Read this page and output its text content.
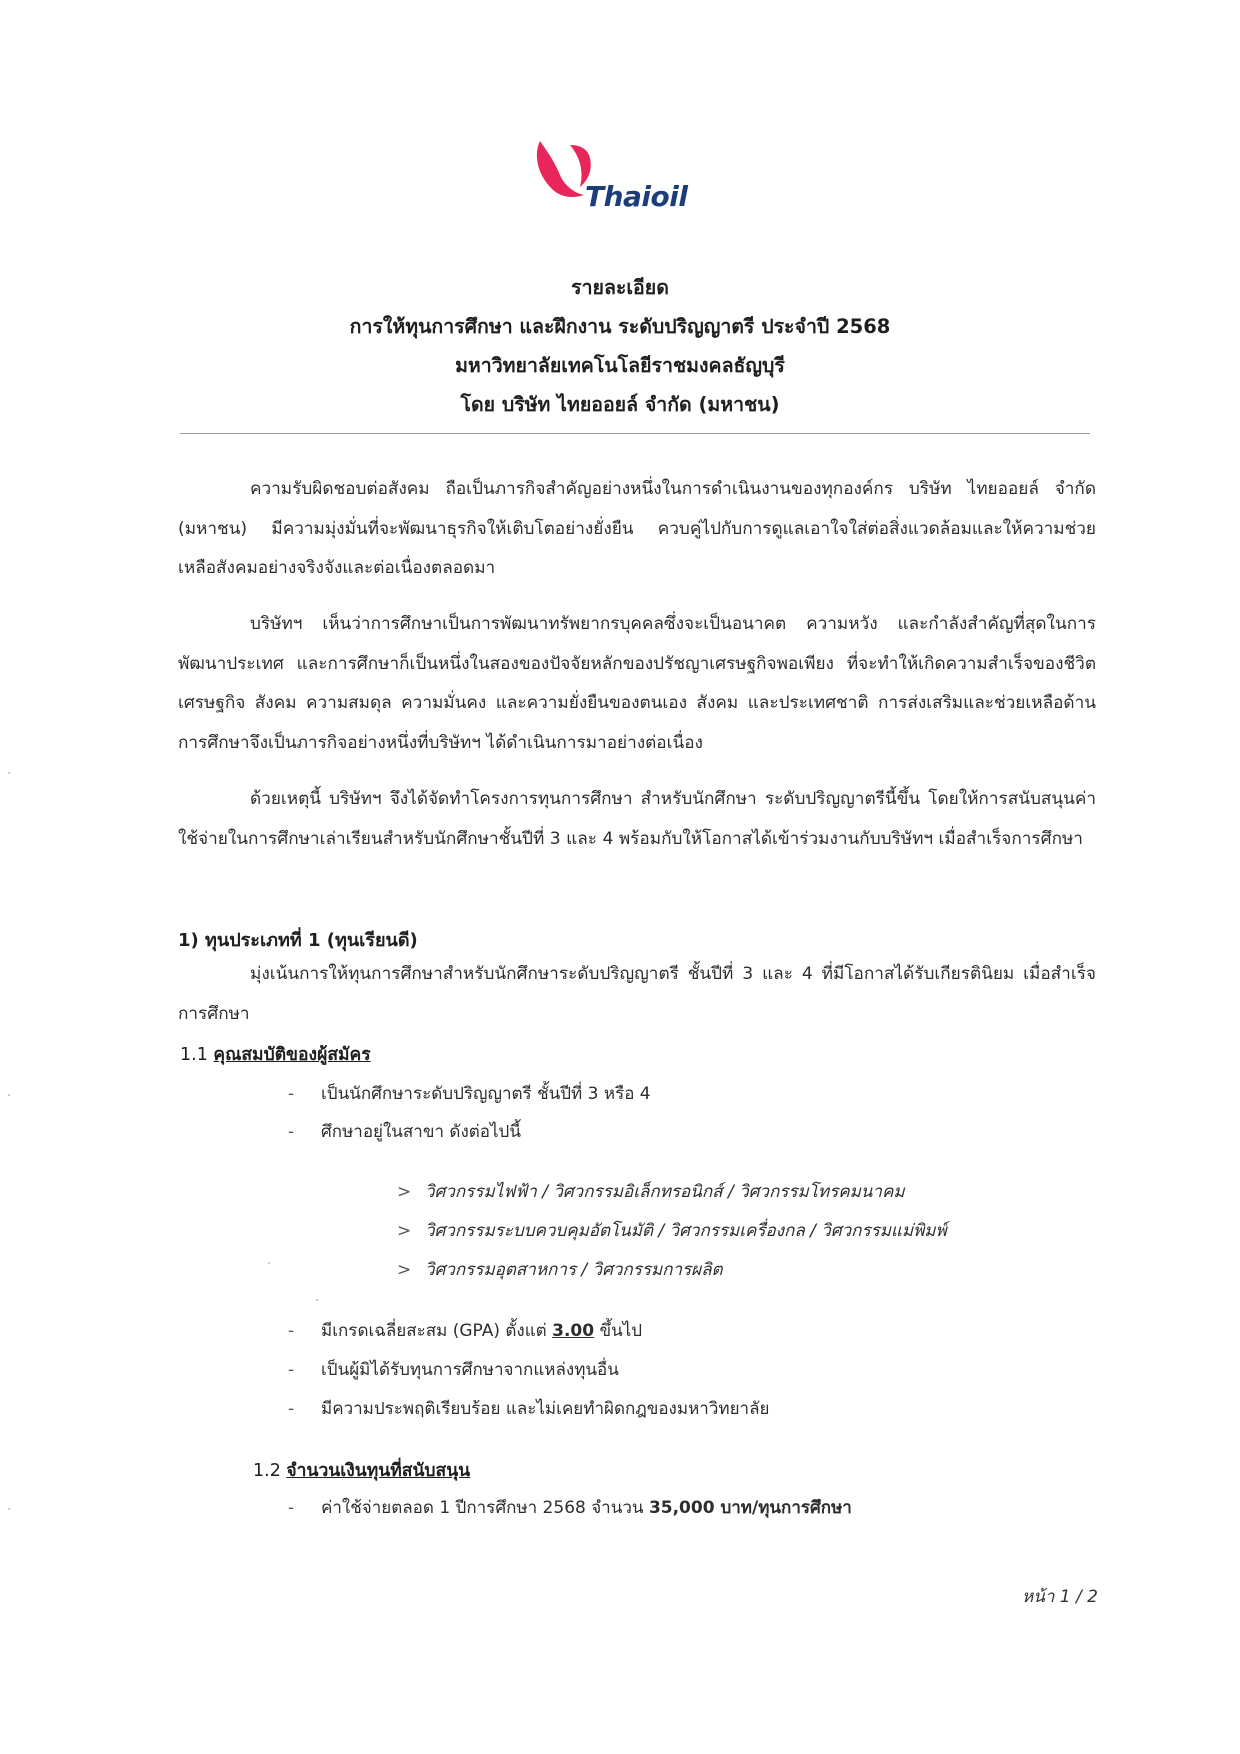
Thaioil
รายละเอียด
การให้ทุนการศึกษา และฝึกงาน ระดับปริญญาตรี ประจำปี 2568
มหาวิทยาลัยเทคโนโลยีราชมงคลธัญบุรี
โดย บริษัท ไทยออยล์ จำกัด (มหาชน)
ความรับผิดชอบต่อสังคม ถือเป็นภารกิจสำคัญอย่างหนึ่งในการดำเนินงานของทุกองค์กร บริษัท ไทยออยล์ จำกัด (มหาชน) มีความมุ่งมั่นที่จะพัฒนาธุรกิจให้เติบโตอย่างยั่งยืน ควบคู่ไปกับการดูแลเอาใจใส่ต่อสิ่งแวดล้อมและให้ความช่วยเหลือสังคมอย่างจริงจังและต่อเนื่องตลอดมา
บริษัทฯ เห็นว่าการศึกษาเป็นการพัฒนาทรัพยากรบุคคลซึ่งจะเป็นอนาคต ความหวัง และกำลังสำคัญที่สุดในการพัฒนาประเทศ และการศึกษาก็เป็นหนึ่งในสองของปัจจัยหลักของปรัชญาเศรษฐกิจพอเพียง ที่จะทำให้เกิดความสำเร็จของชีวิต เศรษฐกิจ สังคม ความสมดุล ความมั่นคง และความยั่งยืนของตนเอง สังคม และประเทศชาติ การส่งเสริมและช่วยเหลือด้านการศึกษาจึงเป็นภารกิจอย่างหนึ่งที่บริษัทฯ ได้ดำเนินการมาอย่างต่อเนื่อง
ด้วยเหตุนี้ บริษัทฯ จึงได้จัดทำโครงการทุนการศึกษา สำหรับนักศึกษา ระดับปริญญาตรีนี้ขึ้น โดยให้การสนับสนุนค่าใช้จ่ายในการศึกษาเล่าเรียนสำหรับนักศึกษาชั้นปีที่ 3 และ 4 พร้อมกับให้โอกาสได้เข้าร่วมงานกับบริษัทฯ เมื่อสำเร็จการศึกษา
1) ทุนประเภทที่ 1 (ทุนเรียนดี)
มุ่งเน้นการให้ทุนการศึกษาสำหรับนักศึกษาระดับปริญญาตรี ชั้นปีที่ 3 และ 4 ที่มีโอกาสได้รับเกียรตินิยม เมื่อสำเร็จการศึกษา
1.1 คุณสมบัติของผู้สมัคร
- เป็นนักศึกษาระดับปริญญาตรี ชั้นปีที่ 3 หรือ 4
- ศึกษาอยู่ในสาขา ดังต่อไปนี้
> วิศวกรรมไฟฟ้า / วิศวกรรมอิเล็กทรอนิกส์ / วิศวกรรมโทรคมนาคม
> วิศวกรรมระบบควบคุมอัตโนมัติ / วิศวกรรมเครื่องกล / วิศวกรรมแม่พิมพ์
> วิศวกรรมอุตสาหการ / วิศวกรรมการผลิต
- มีเกรดเฉลี่ยสะสม (GPA) ตั้งแต่ 3.00 ขึ้นไป
- เป็นผู้มิได้รับทุนการศึกษาจากแหล่งทุนอื่น
- มีความประพฤติเรียบร้อย และไม่เคยทำผิดกฎของมหาวิทยาลัย
1.2 จำนวนเงินทุนที่สนับสนุน
- ค่าใช้จ่ายตลอด 1 ปีการศึกษา 2568 จำนวน 35,000 บาท/ทุนการศึกษา
หน้า 1 / 2
